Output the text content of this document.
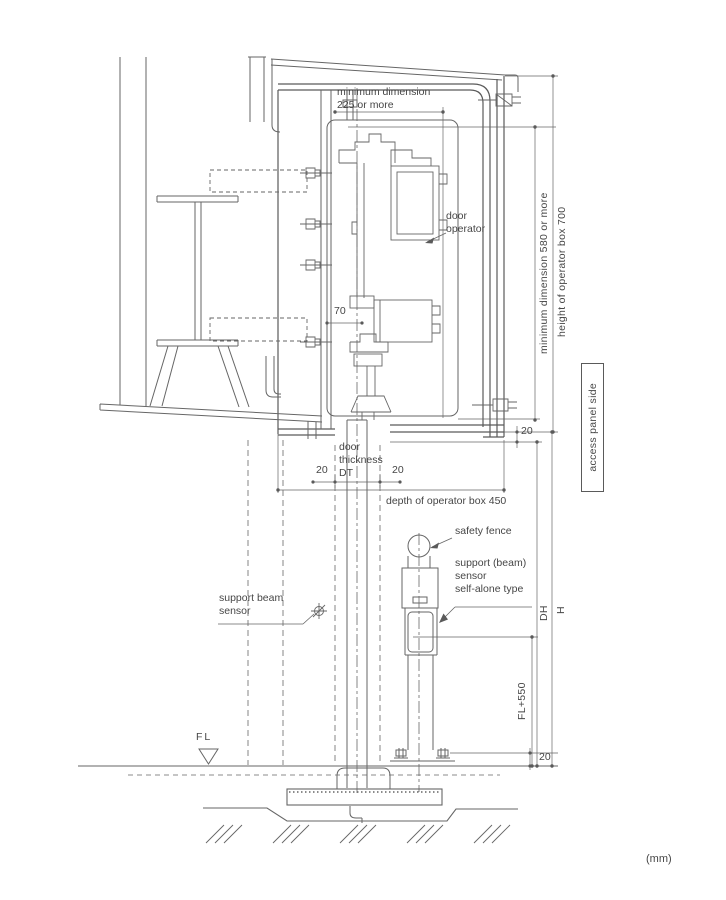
minimum dimension
225 or more
door
operator	minimum dimension 580 or more height of operator box 700
access panel side
70
door
thickness
DT
20	20
depth of operator box 450
20
safety fence
support (beam)
sensor
self-alone type
support beam
sensor	DH H
FL+550
20
FL
(mm)
